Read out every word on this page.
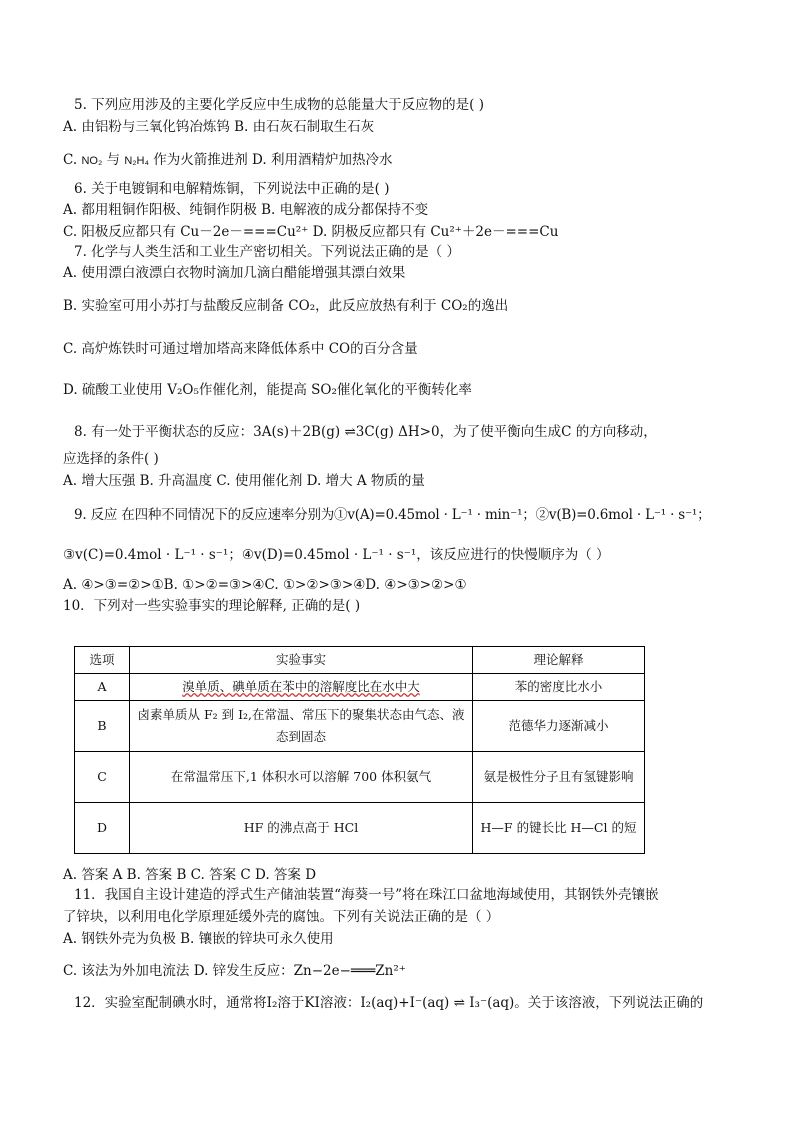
5. 下列应用涉及的主要化学反应中生成物的总能量大于反应物的是( )
A. 由铝粉与三氧化钨冶炼钨 B. 由石灰石制取生石灰
C. NO₂ 与 N₂H₄ 作为火箭推进剂 D. 利用酒精炉加热冷水
6. 关于电镀铜和电解精炼铜，下列说法中正确的是( )
A. 都用粗铜作阳极、纯铜作阴极 B. 电解液的成分都保持不变
C. 阳极反应都只有 Cu－2e－===Cu²⁺ D. 阴极反应都只有 Cu²⁺＋2e－===Cu
7. 化学与人类生活和工业生产密切相关。下列说法正确的是（ ）
A. 使用漂白液漂白衣物时滴加几滴白醋能增强其漂白效果
B. 实验室可用小苏打与盐酸反应制备 CO₂，此反应放热有利于 CO₂的逸出
C. 高炉炼铁时可通过增加塔高来降低体系中 CO的百分含量
D. 硫酸工业使用 V₂O₅作催化剂，能提高 SO₂催化氧化的平衡转化率
8. 有一处于平衡状态的反应：3A(s)＋2B(g) ⇌3C(g) ΔH>0，为了使平衡向生成C 的方向移动，
应选择的条件( )
A. 增大压强 B. 升高温度 C. 使用催化剂 D. 增大 A 物质的量
9. 反应 在四种不同情况下的反应速率分别为①v(A)=0.45mol · L⁻¹ · min⁻¹；②v(B)=0.6mol · L⁻¹ · s⁻¹；
③v(C)=0.4mol · L⁻¹ · s⁻¹；④v(D)=0.45mol · L⁻¹ · s⁻¹，该反应进行的快慢顺序为（ ）
A. ④>③=②>①B. ①>②=③>④C. ①>②>③>④D. ④>③>②>①
10．下列对一些实验事实的理论解释, 正确的是( )
选项	实验事实	理论解释
A	溴单质、碘单质在苯中的溶解度比在水中大	苯的密度比水小
B	卤素单质从 F₂ 到 I₂,在常温、常压下的聚集状态由气态、液态到固态	范德华力逐渐减小
C	在常温常压下,1 体积水可以溶解 700 体积氨气	氨是极性分子且有氢键影响
D	HF 的沸点高于 HCl	H—F 的键长比 H—Cl 的短
A. 答案 A B. 答案 B C. 答案 C D. 答案 D
11．我国自主设计建造的浮式生产储油装置“海葵一号”将在珠江口盆地海域使用，其钢铁外壳镶嵌
了锌块，以利用电化学原理延缓外壳的腐蚀。下列有关说法正确的是（ ）
A. 钢铁外壳为负极 B. 镶嵌的锌块可永久使用
C. 该法为外加电流法 D. 锌发生反应：Zn−2e−═══Zn²⁺
12．实验室配制碘水时，通常将I₂溶于KI溶液：I₂(aq)+I⁻(aq) ⇌ I₃⁻(aq)。关于该溶液，下列说法正确的
